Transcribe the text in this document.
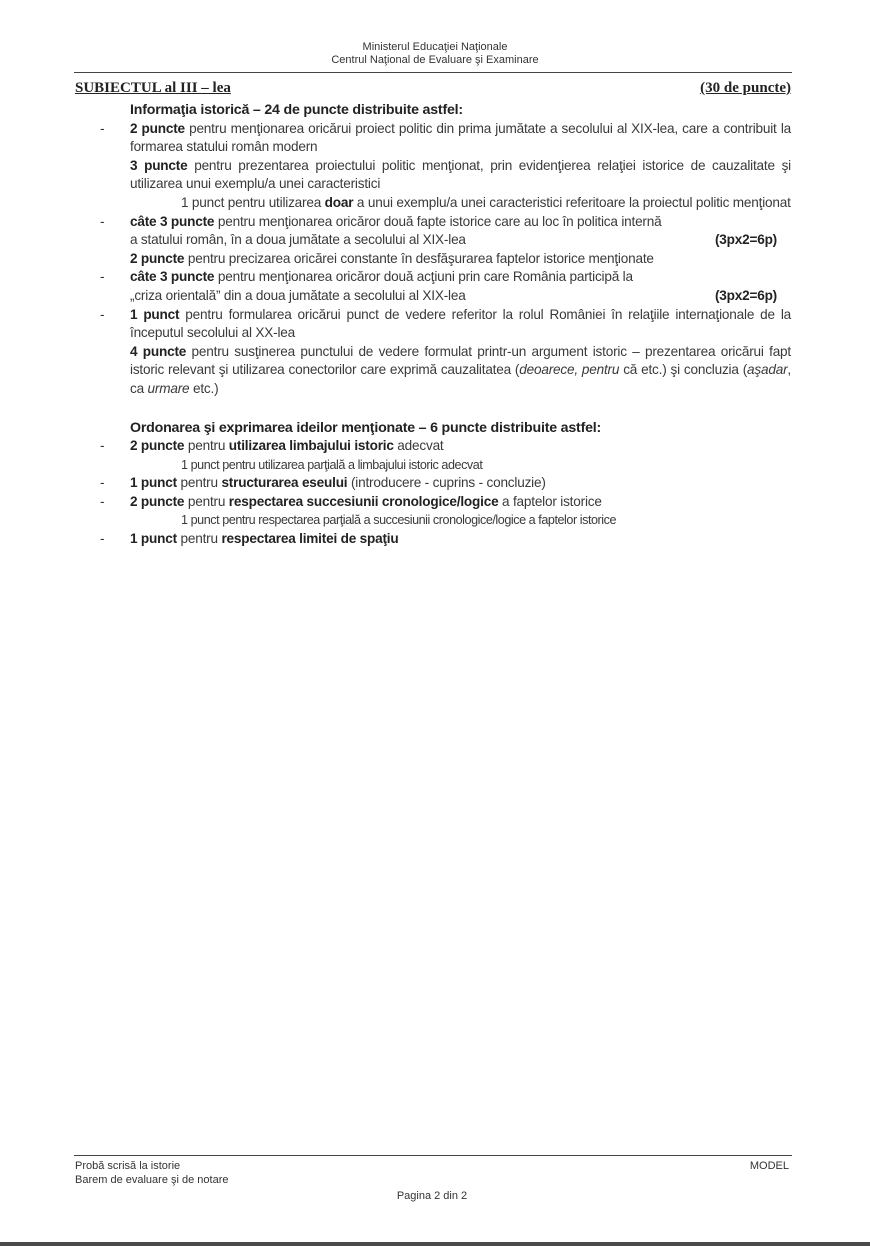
Ministerul Educaţiei Naţionale
Centrul Naţional de Evaluare şi Examinare
SUBIECTUL al III – lea	(30 de puncte)
Informaţia istorică – 24 de puncte distribuite astfel:
- 2 puncte pentru menţionarea oricărui proiect politic din prima jumătate a secolului al XIX-lea, care a contribuit la formarea statului român modern
3 puncte pentru prezentarea proiectului politic menţionat, prin evidenţierea relaţiei istorice de cauzalitate şi utilizarea unui exemplu/a unei caracteristici
1 punct pentru utilizarea doar a unui exemplu/a unei caracteristici referitoare la proiectul politic menţionat
- câte 3 puncte pentru menţionarea oricăror două fapte istorice care au loc în politica internă
a statului român, în a doua jumătate a secolului al XIX-lea	(3px2=6p)
2 puncte pentru precizarea oricărei constante în desfăşurarea faptelor istorice menţionate
- câte 3 puncte pentru menţionarea oricăror două acţiuni prin care România participă la
„criza orientală” din a doua jumătate a secolului al XIX-lea	(3px2=6p)
- 1 punct pentru formularea oricărui punct de vedere referitor la rolul României în relaţiile internaţionale de la începutul secolului al XX-lea
4 puncte pentru susţinerea punctului de vedere formulat printr-un argument istoric – prezentarea oricărui fapt istoric relevant şi utilizarea conectorilor care exprimă cauzalitatea (deoarece, pentru că etc.) şi concluzia (aşadar, ca urmare etc.)
Ordonarea şi exprimarea ideilor menţionate – 6 puncte distribuite astfel:
- 2 puncte pentru utilizarea limbajului istoric adecvat
1 punct pentru utilizarea parţială a limbajului istoric adecvat
- 1 punct pentru structurarea eseului (introducere - cuprins - concluzie)
- 2 puncte pentru respectarea succesiunii cronologice/logice a faptelor istorice
1 punct pentru respectarea parţială a succesiunii cronologice/logice a faptelor istorice
- 1 punct pentru respectarea limitei de spaţiu
Probă scrisă la istorie	MODEL
Barem de evaluare şi de notare
Pagina 2 din 2
